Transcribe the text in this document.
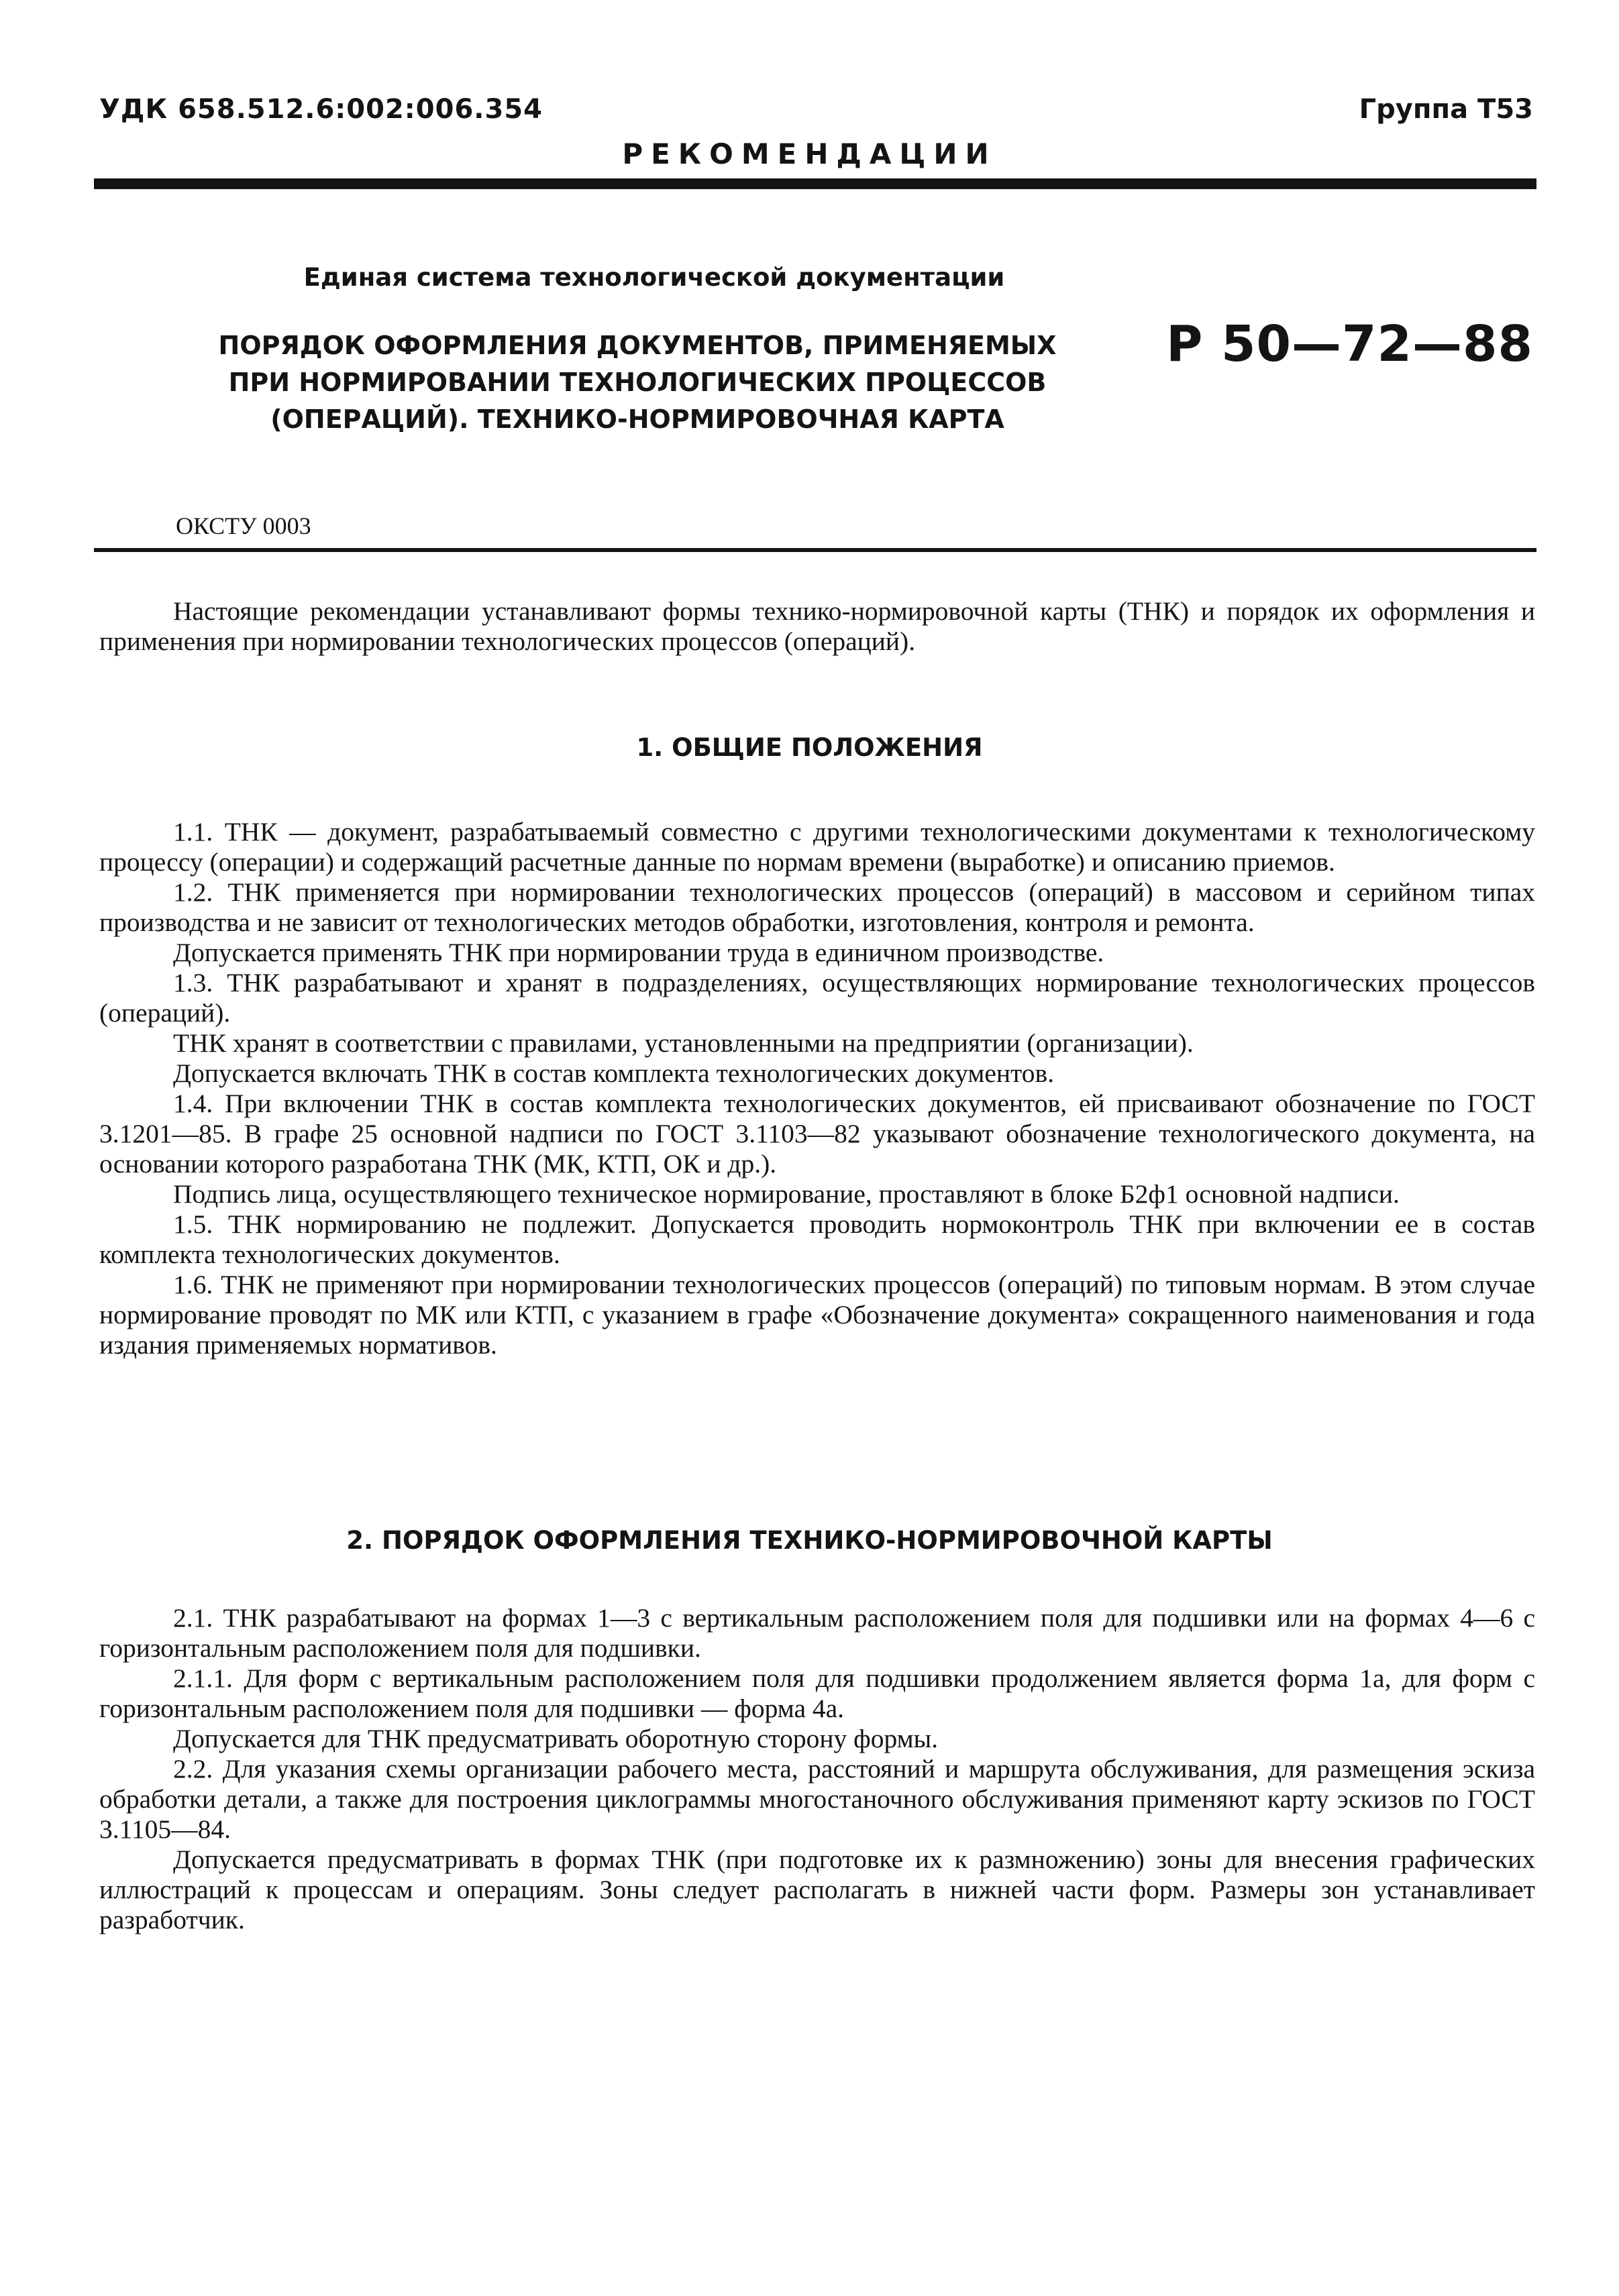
УДК 658.512.6:002:006.354	Группа Т53
РЕКОМЕНДАЦИИ
Единая система технологической документации
ПОРЯДОК ОФОРМЛЕНИЯ ДОКУМЕНТОВ, ПРИМЕНЯЕМЫХ
ПРИ НОРМИРОВАНИИ ТЕХНОЛОГИЧЕСКИХ ПРОЦЕССОВ
(ОПЕРАЦИЙ). ТЕХНИКО-НОРМИРОВОЧНАЯ КАРТА
Р 50—72—88
ОКСТУ 0003

Настоящие рекомендации устанавливают формы технико-нормировочной карты (ТНК) и порядок их оформления и применения при нормировании технологических процессов (операций).

1. ОБЩИЕ ПОЛОЖЕНИЯ

1.1. ТНК — документ, разрабатываемый совместно с другими технологическими документами к технологическому процессу (операции) и содержащий расчетные данные по нормам времени (выработке) и описанию приемов.

1.2. ТНК применяется при нормировании технологических процессов (операций) в массовом и серийном типах производства и не зависит от технологических методов обработки, изготовления, контроля и ремонта.

Допускается применять ТНК при нормировании труда в единичном производстве.

1.3. ТНК разрабатывают и хранят в подразделениях, осуществляющих нормирование технологических процессов (операций).

ТНК хранят в соответствии с правилами, установленными на предприятии (организации).

Допускается включать ТНК в состав комплекта технологических документов.

1.4. При включении ТНК в состав комплекта технологических документов, ей присваивают обозначение по ГОСТ 3.1201—85. В графе 25 основной надписи по ГОСТ 3.1103—82 указывают обозначение технологического документа, на основании которого разработана ТНК (МК, КТП, ОК и др.).

Подпись лица, осуществляющего техническое нормирование, проставляют в блоке Б2ф1 основной надписи.

1.5. ТНК нормированию не подлежит. Допускается проводить нормоконтроль ТНК при включении ее в состав комплекта технологических документов.

1.6. ТНК не применяют при нормировании технологических процессов (операций) по типовым нормам. В этом случае нормирование проводят по МК или КТП, с указанием в графе «Обозначение документа» сокращенного наименования и года издания применяемых нормативов.

2. ПОРЯДОК ОФОРМЛЕНИЯ ТЕХНИКО-НОРМИРОВОЧНОЙ КАРТЫ

2.1. ТНК разрабатывают на формах 1—3 с вертикальным расположением поля для подшивки или на формах 4—6 с горизонтальным расположением поля для подшивки.

2.1.1. Для форм с вертикальным расположением поля для подшивки продолжением является форма 1а, для форм с горизонтальным расположением поля для подшивки — форма 4а.

Допускается для ТНК предусматривать оборотную сторону формы.

2.2. Для указания схемы организации рабочего места, расстояний и маршрута обслуживания, для размещения эскиза обработки детали, а также для построения циклограммы многостаночного обслуживания применяют карту эскизов по ГОСТ 3.1105—84.

Допускается предусматривать в формах ТНК (при подготовке их к размножению) зоны для внесения графических иллюстраций к процессам и операциям. Зоны следует располагать в нижней части форм. Размеры зон устанавливает разработчик.
